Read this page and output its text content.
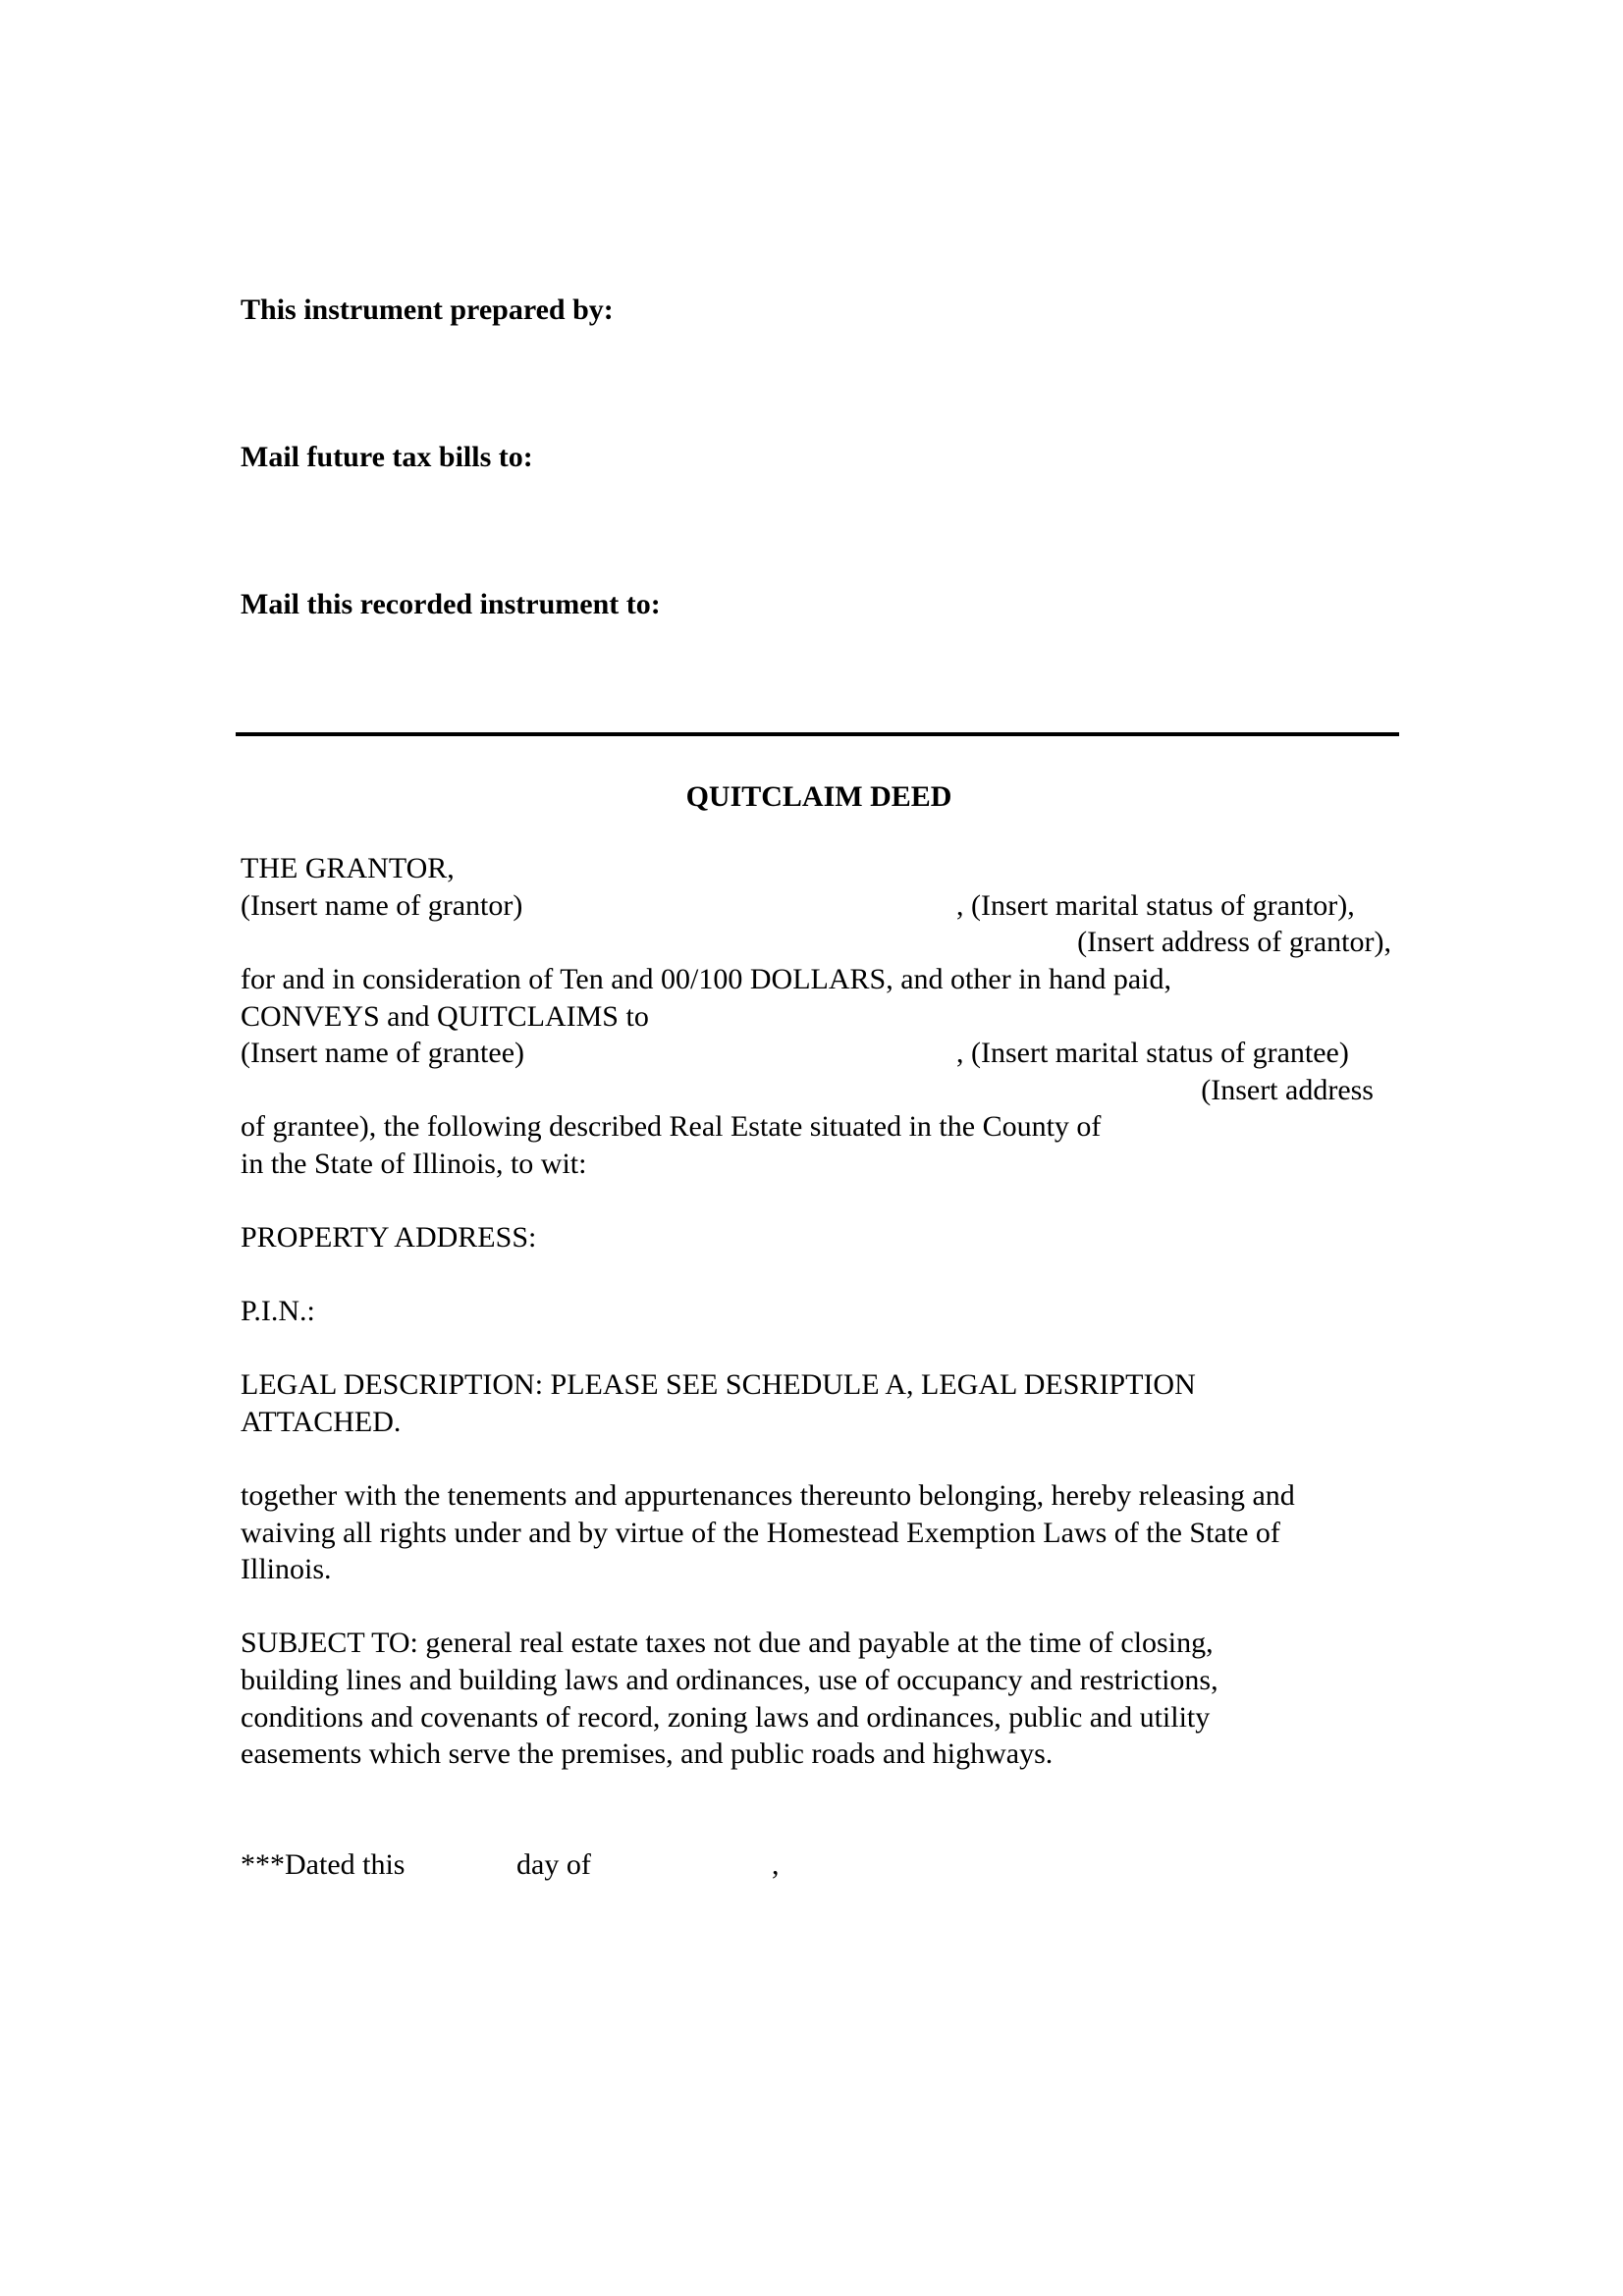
This instrument prepared by:
Mail future tax bills to:
Mail this recorded instrument to:
QUITCLAIM DEED
THE GRANTOR,
(Insert name of grantor)	, (Insert marital status of grantor),
(Insert address of grantor),
for and in consideration of Ten and 00/100 DOLLARS, and other in hand paid,
CONVEYS and QUITCLAIMS to
(Insert name of grantee)	, (Insert marital status of grantee)
(Insert address
of grantee), the following described Real Estate situated in the County of
in the State of Illinois, to wit:
PROPERTY ADDRESS:
P.I.N.:
LEGAL DESCRIPTION: PLEASE SEE SCHEDULE A, LEGAL DESRIPTION
ATTACHED.
together with the tenements and appurtenances thereunto belonging, hereby releasing and
waiving all rights under and by virtue of the Homestead Exemption Laws of the State of
Illinois.
SUBJECT TO: general real estate taxes not due and payable at the time of closing,
building lines and building laws and ordinances, use of occupancy and restrictions,
conditions and covenants of record, zoning laws and ordinances, public and utility
easements which serve the premises, and public roads and highways.
***Dated this	day of	,
